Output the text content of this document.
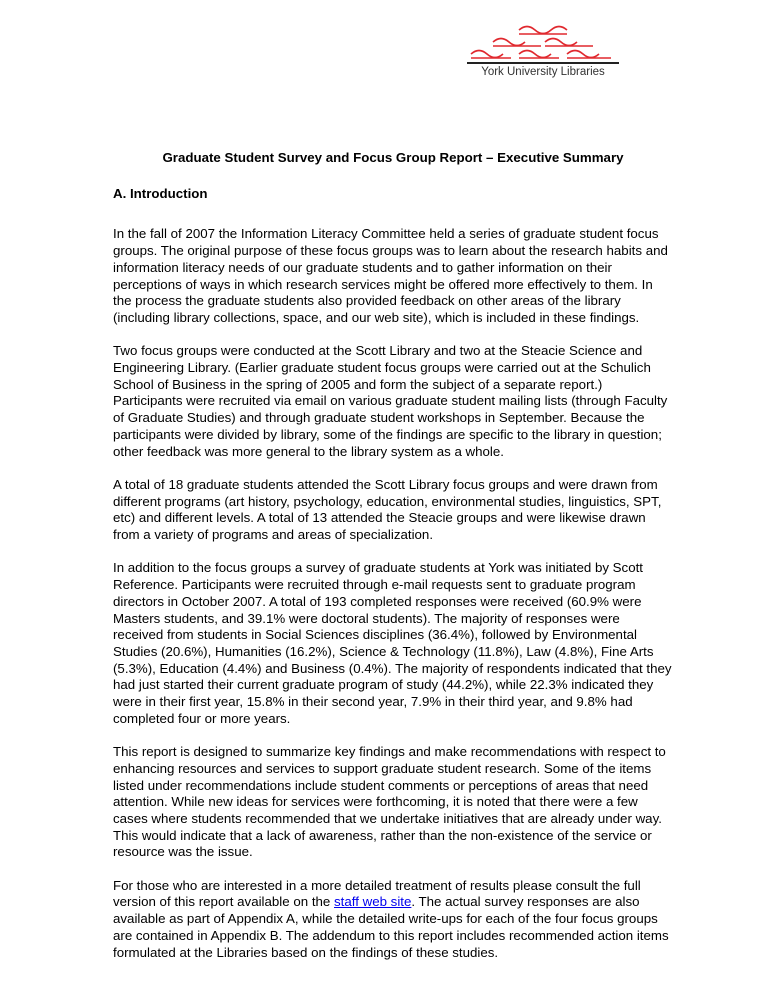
York University Libraries
Graduate Student Survey and Focus Group Report – Executive Summary
A. Introduction

In the fall of 2007 the Information Literacy Committee held a series of graduate student focus groups. The original purpose of these focus groups was to learn about the research habits and information literacy needs of our graduate students and to gather information on their perceptions of ways in which research services might be offered more effectively to them. In the process the graduate students also provided feedback on other areas of the library (including library collections, space, and our web site), which is included in these findings.

Two focus groups were conducted at the Scott Library and two at the Steacie Science and Engineering Library. (Earlier graduate student focus groups were carried out at the Schulich School of Business in the spring of 2005 and form the subject of a separate report.) Participants were recruited via email on various graduate student mailing lists (through Faculty of Graduate Studies) and through graduate student workshops in September. Because the participants were divided by library, some of the findings are specific to the library in question; other feedback was more general to the library system as a whole.

A total of 18 graduate students attended the Scott Library focus groups and were drawn from different programs (art history, psychology, education, environmental studies, linguistics, SPT, etc) and different levels. A total of 13 attended the Steacie groups and were likewise drawn from a variety of programs and areas of specialization.

In addition to the focus groups a survey of graduate students at York was initiated by Scott Reference. Participants were recruited through e-mail requests sent to graduate program directors in October 2007. A total of 193 completed responses were received (60.9% were Masters students, and 39.1% were doctoral students). The majority of responses were received from students in Social Sciences disciplines (36.4%), followed by Environmental Studies (20.6%), Humanities (16.2%), Science & Technology (11.8%), Law (4.8%), Fine Arts (5.3%), Education (4.4%) and Business (0.4%). The majority of respondents indicated that they had just started their current graduate program of study (44.2%), while 22.3% indicated they were in their first year, 15.8% in their second year, 7.9% in their third year, and 9.8% had completed four or more years.

This report is designed to summarize key findings and make recommendations with respect to enhancing resources and services to support graduate student research. Some of the items listed under recommendations include student comments or perceptions of areas that need attention. While new ideas for services were forthcoming, it is noted that there were a few cases where students recommended that we undertake initiatives that are already under way. This would indicate that a lack of awareness, rather than the non-existence of the service or resource was the issue.

For those who are interested in a more detailed treatment of results please consult the full version of this report available on the staff web site. The actual survey responses are also available as part of Appendix A, while the detailed write-ups for each of the four focus groups are contained in Appendix B. The addendum to this report includes recommended action items formulated at the Libraries based on the findings of these studies.
